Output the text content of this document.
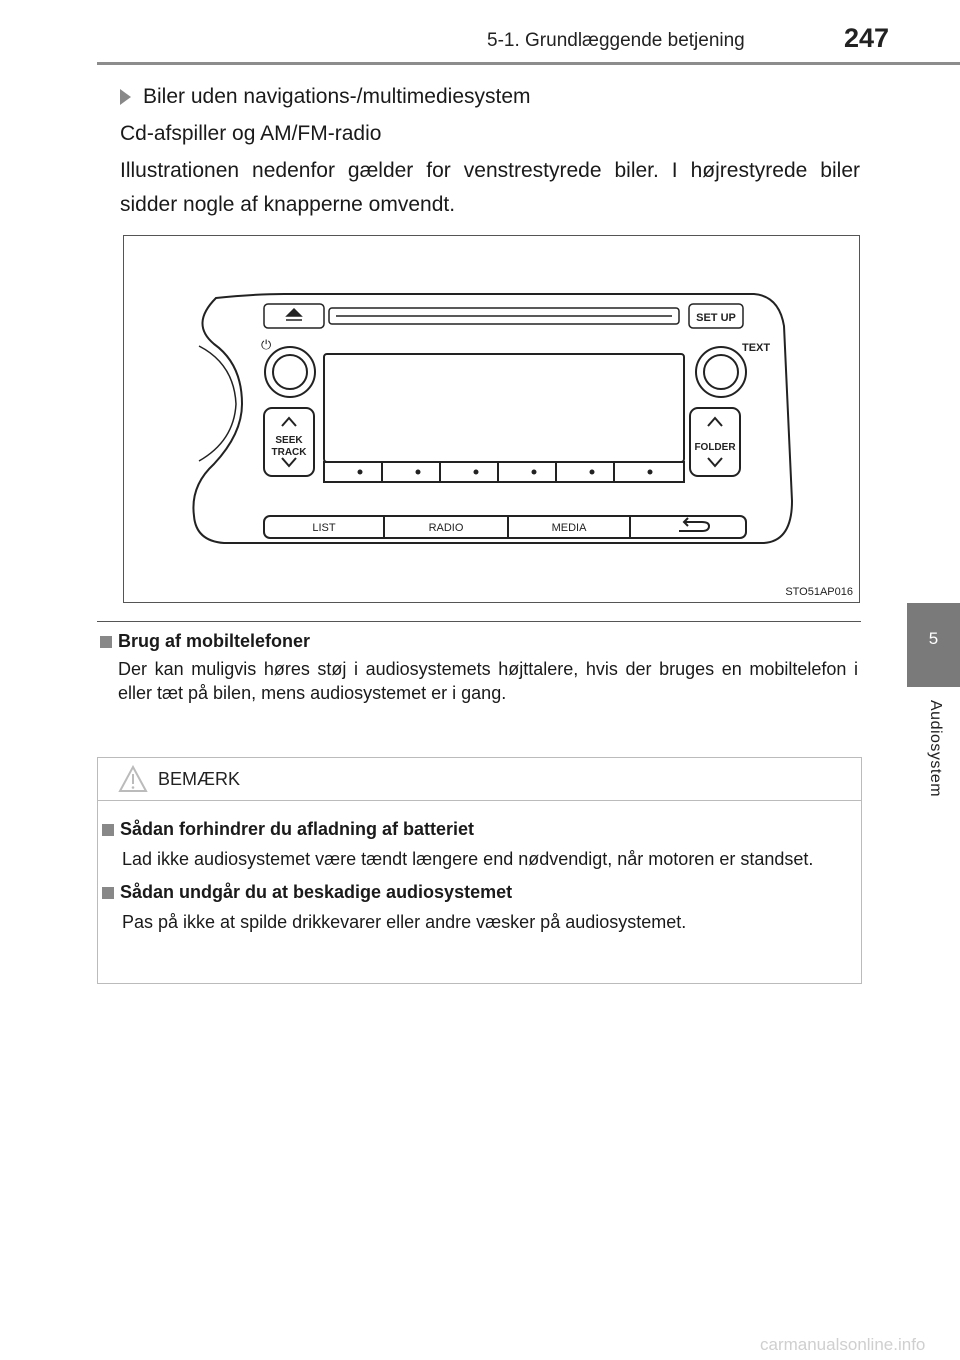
5-1. Grundlæggende betjening	247
5
Audiosystem
Biler uden navigations-/multimediesystem

Cd-afspiller og AM/FM-radio

Illustrationen nedenfor gælder for venstrestyrede biler. I højrestyrede biler sidder nogle af knapperne omvendt.

SET UP
⏻	TEXT
SEEK
TRACK	FOLDER
LIST	RADIO	MEDIA
STO51AP016
Brug af mobiltelefoner
Der kan muligvis høres støj i audiosystemets højttalere, hvis der bruges en mobiltelefon i eller tæt på bilen, mens audiosystemet er i gang.
BEMÆRK
Sådan forhindrer du afladning af batteriet
Lad ikke audiosystemet være tændt længere end nødvendigt, når motoren er standset.
Sådan undgår du at beskadige audiosystemet
Pas på ikke at spilde drikkevarer eller andre væsker på audiosystemet.
carmanualsonline.info
